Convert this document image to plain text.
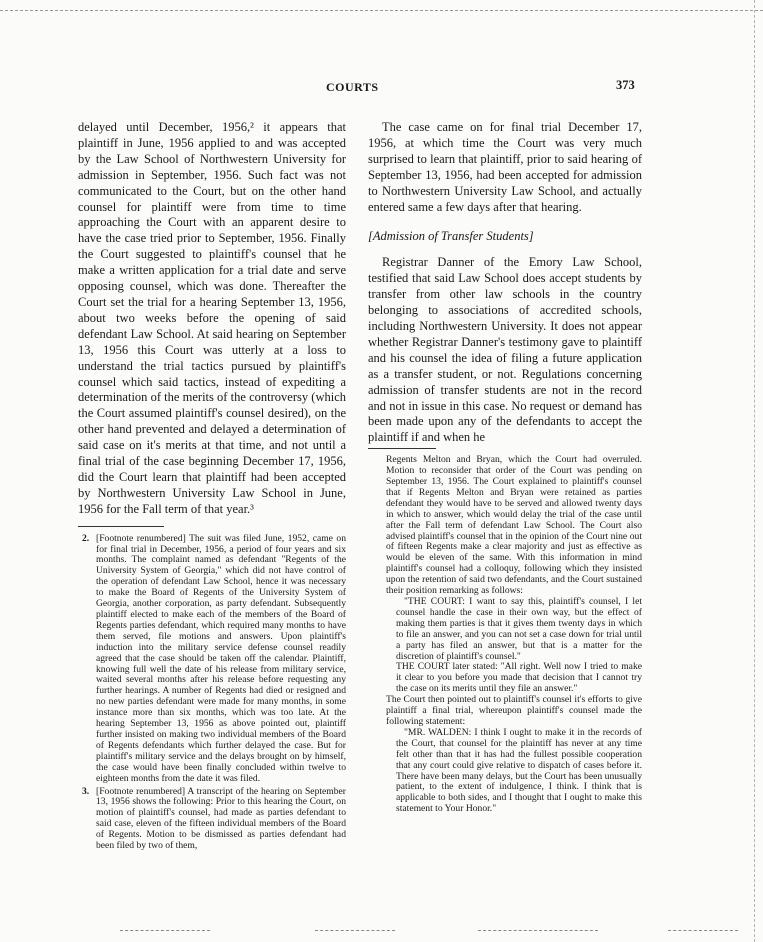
COURTS	373

delayed until December, 1956,² it appears that plaintiff in June, 1956 applied to and was accepted by the Law School of Northwestern University for admission in September, 1956. Such fact was not communicated to the Court, but on the other hand counsel for plaintiff were from time to time approaching the Court with an apparent desire to have the case tried prior to September, 1956. Finally the Court suggested to plaintiff's counsel that he make a written application for a trial date and serve opposing counsel, which was done. Thereafter the Court set the trial for a hearing September 13, 1956, about two weeks before the opening of said defendant Law School. At said hearing on September 13, 1956 this Court was utterly at a loss to understand the trial tactics pursued by plaintiff's counsel which said tactics, instead of expediting a determination of the merits of the controversy (which the Court assumed plaintiff's counsel desired), on the other hand prevented and delayed a determination of said case on it's merits at that time, and not until a final trial of the case beginning December 17, 1956, did the Court learn that plaintiff had been accepted by Northwestern University Law School in June, 1956 for the Fall term of that year.³

2. [Footnote renumbered] The suit was filed June, 1952, came on for final trial in December, 1956, a period of four years and six months. The complaint named as defendant "Regents of the University System of Georgia," which did not have control of the operation of defendant Law School, hence it was necessary to make the Board of Regents of the University System of Georgia, another corporation, as party defendant. Subsequently plaintiff elected to make each of the members of the Board of Regents parties defendant, which required many months to have them served, file motions and answers. Upon plaintiff's induction into the military service defense counsel readily agreed that the case should be taken off the calendar. Plaintiff, knowing full well the date of his release from military service, waited several months after his release before requesting any further hearings. A number of Regents had died or resigned and no new parties defendant were made for many months, in some instance more than six months, which was too late. At the hearing September 13, 1956 as above pointed out, plaintiff further insisted on making two individual members of the Board of Regents defendants which further delayed the case. But for plaintiff's military service and the delays brought on by himself, the case would have been finally concluded within twelve to eighteen months from the date it was filed.

3. [Footnote renumbered] A transcript of the hearing on September 13, 1956 shows the following: Prior to this hearing the Court, on motion of plaintiff's counsel, had made as parties defendant to said case, eleven of the fifteen individual members of the Board of Regents. Motion to be dismissed as parties defendant had been filed by two of them,

The case came on for final trial December 17, 1956, at which time the Court was very much surprised to learn that plaintiff, prior to said hearing of September 13, 1956, had been accepted for admission to Northwestern University Law School, and actually entered same a few days after that hearing.

[Admission of Transfer Students]

Registrar Danner of the Emory Law School, testified that said Law School does accept students by transfer from other law schools in the country belonging to associations of accredited schools, including Northwestern University. It does not appear whether Registrar Danner's testimony gave to plaintiff and his counsel the idea of filing a future application as a transfer student, or not. Regulations concerning admission of transfer students are not in the record and not in issue in this case. No request or demand has been made upon any of the defendants to accept the plaintiff if and when he

Regents Melton and Bryan, which the Court had overruled. Motion to reconsider that order of the Court was pending on September 13, 1956. The Court explained to plaintiff's counsel that if Regents Melton and Bryan were retained as parties defendant they would have to be served and allowed twenty days in which to answer, which would delay the trial of the case until after the Fall term of defendant Law School. The Court also advised plaintiff's counsel that in the opinion of the Court nine out of fifteen Regents make a clear majority and just as effective as would be eleven of the same. With this information in mind plaintiff's counsel had a colloquy, following which they insisted upon the retention of said two defendants, and the Court sustained their position remarking as follows:

"THE COURT: I want to say this, plaintiff's counsel, I let counsel handle the case in their own way, but the effect of making them parties is that it gives them twenty days in which to file an answer, and you can not set a case down for trial until a party has filed an answer, but that is a matter for the discretion of plaintiff's counsel."

THE COURT later stated: "All right. Well now I tried to make it clear to you before you made that decision that I cannot try the case on its merits until they file an answer."

The Court then pointed out to plaintiff's counsel it's efforts to give plaintiff a final trial, whereupon plaintiff's counsel made the following statement:

"MR. WALDEN: I think I ought to make it in the records of the Court, that counsel for the plaintiff has never at any time felt other than that it has had the fullest possible cooperation that any court could give relative to dispatch of cases before it. There have been many delays, but the Court has been unusually patient, to the extent of indulgence, I think. I think that is applicable to both sides, and I thought that I ought to make this statement to Your Honor."
